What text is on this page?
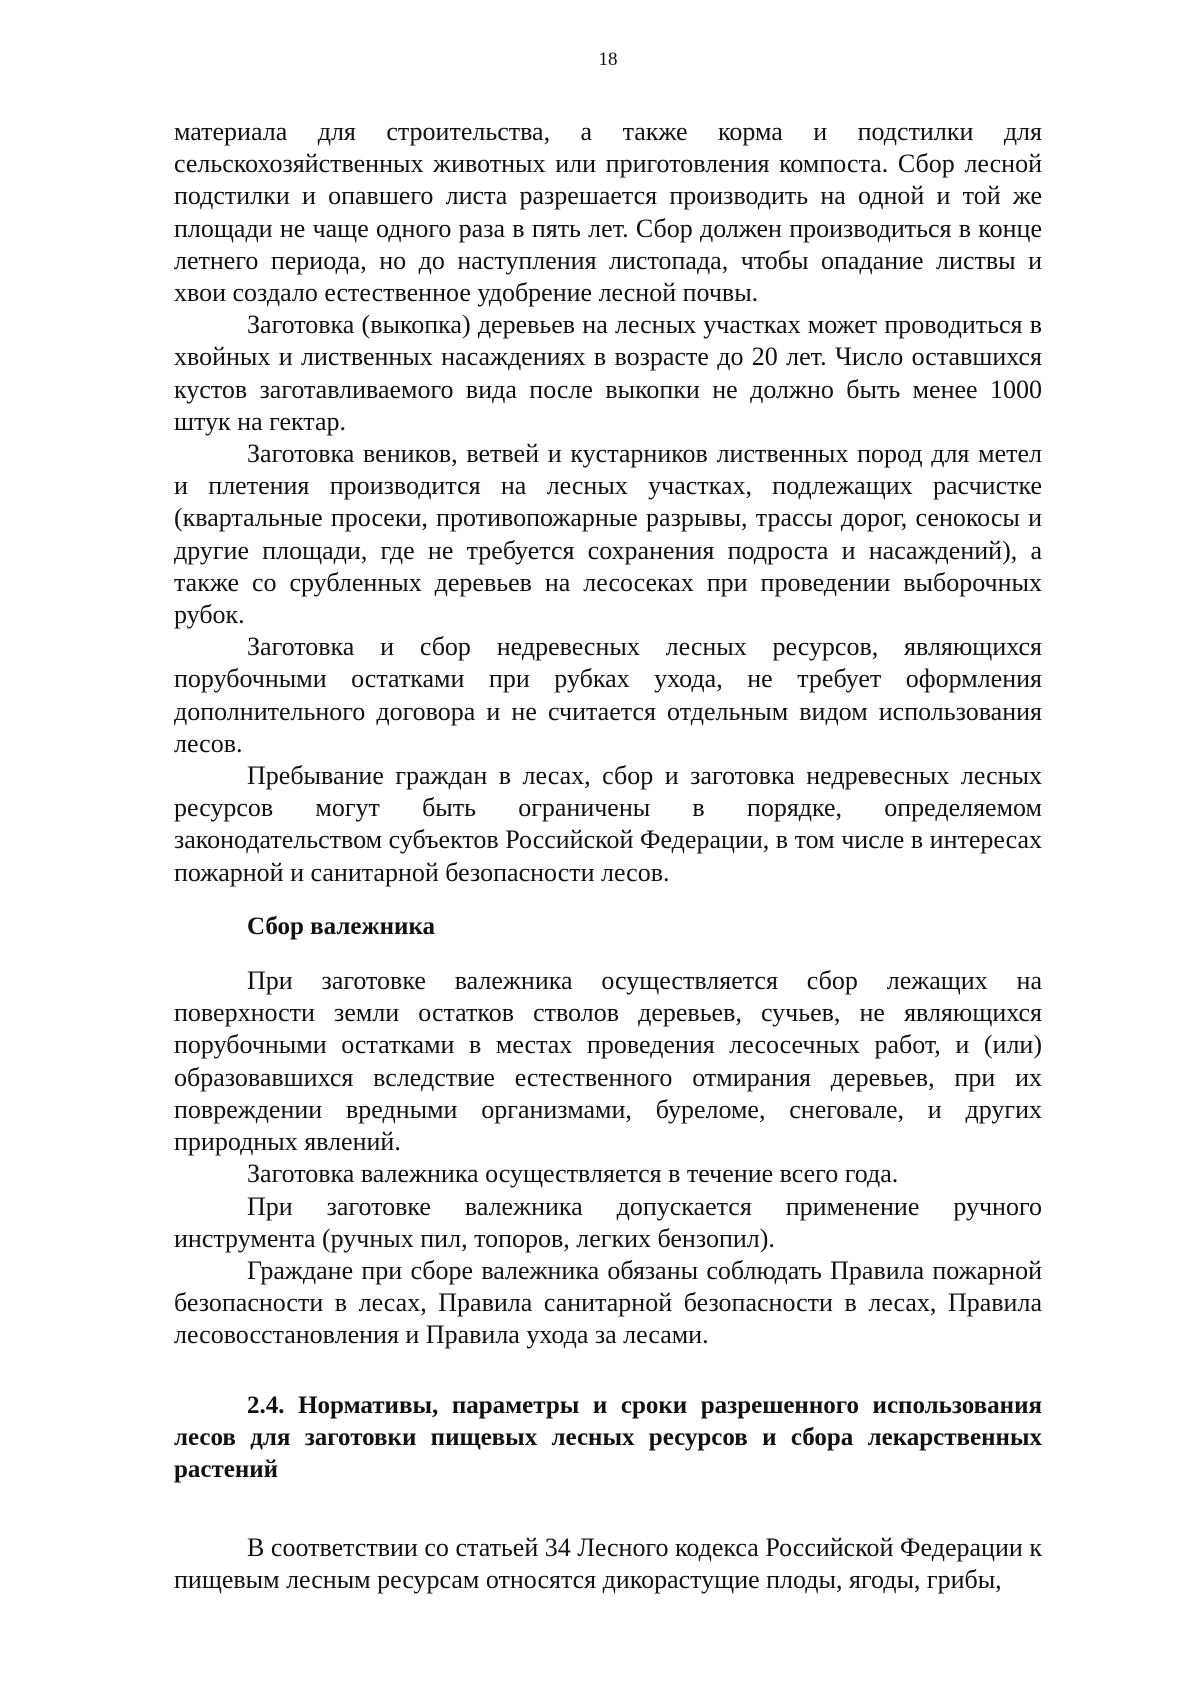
18

материала для строительства, а также корма и подстилки для сельскохозяйственных животных или приготовления компоста. Сбор лесной подстилки и опавшего листа разрешается производить на одной и той же площади не чаще одного раза в пять лет. Сбор должен производиться в конце летнего периода, но до наступления листопада, чтобы опадание листвы и хвои создало естественное удобрение лесной почвы.

Заготовка (выкопка) деревьев на лесных участках может проводиться в хвойных и лиственных насаждениях в возрасте до 20 лет. Число оставшихся кустов заготавливаемого вида после выкопки не должно быть менее 1000 штук на гектар.

Заготовка веников, ветвей и кустарников лиственных пород для метел и плетения производится на лесных участках, подлежащих расчистке (квартальные просеки, противопожарные разрывы, трассы дорог, сенокосы и другие площади, где не требуется сохранения подроста и насаждений), а также со срубленных деревьев на лесосеках при проведении выборочных рубок.

Заготовка и сбор недревесных лесных ресурсов, являющихся порубочными остатками при рубках ухода, не требует оформления дополнительного договора и не считается отдельным видом использования лесов.

Пребывание граждан в лесах, сбор и заготовка недревесных лесных ресурсов могут быть ограничены в порядке, определяемом законодательством субъектов Российской Федерации, в том числе в интересах пожарной и санитарной безопасности лесов.

Сбор валежника

При заготовке валежника осуществляется сбор лежащих на поверхности земли остатков стволов деревьев, сучьев, не являющихся порубочными остатками в местах проведения лесосечных работ, и (или) образовавшихся вследствие естественного отмирания деревьев, при их повреждении вредными организмами, буреломе, снеговале, и других природных явлений.

Заготовка валежника осуществляется в течение всего года.

При заготовке валежника допускается применение ручного инструмента (ручных пил, топоров, легких бензопил).

Граждане при сборе валежника обязаны соблюдать Правила пожарной безопасности в лесах, Правила санитарной безопасности в лесах, Правила лесовосстановления и Правила ухода за лесами.

2.4. Нормативы, параметры и сроки разрешенного использования лесов для заготовки пищевых лесных ресурсов и сбора лекарственных растений

В соответствии со статьей 34 Лесного кодекса Российской Федерации к пищевым лесным ресурсам относятся дикорастущие плоды, ягоды, грибы,
